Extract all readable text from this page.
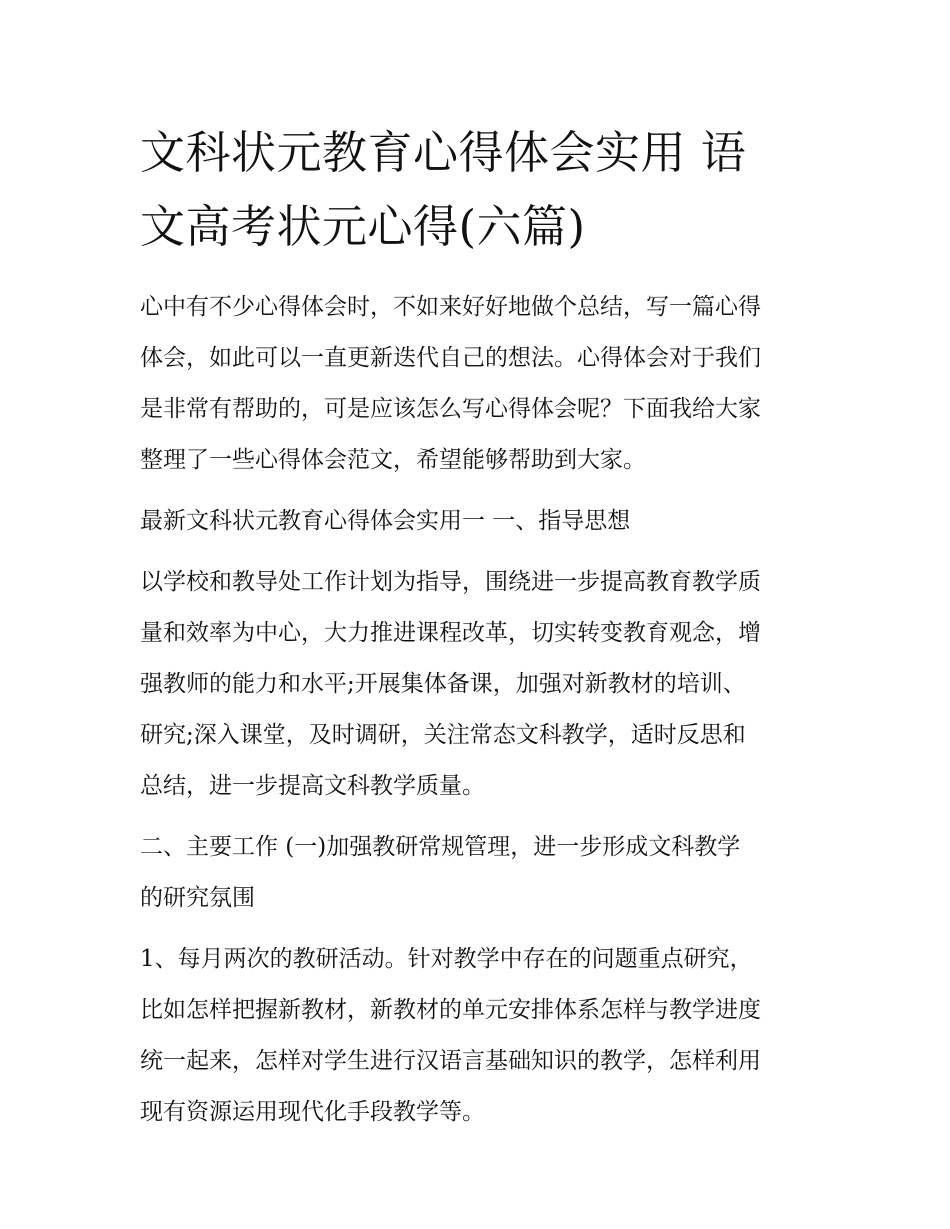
文科状元教育心得体会实用 语
文高考状元心得(六篇)
心中有不少心得体会时，不如来好好地做个总结，写一篇心得
体会，如此可以一直更新迭代自己的想法。心得体会对于我们
是非常有帮助的，可是应该怎么写心得体会呢？下面我给大家
整理了一些心得体会范文，希望能够帮助到大家。
最新文科状元教育心得体会实用一 一、指导思想
以学校和教导处工作计划为指导，围绕进一步提高教育教学质
量和效率为中心，大力推进课程改革，切实转变教育观念，增
强教师的能力和水平;开展集体备课，加强对新教材的培训、
研究;深入课堂，及时调研，关注常态文科教学，适时反思和
总结，进一步提高文科教学质量。
二、主要工作 (一)加强教研常规管理，进一步形成文科教学
的研究氛围
1、每月两次的教研活动。针对教学中存在的问题重点研究，
比如怎样把握新教材，新教材的单元安排体系怎样与教学进度
统一起来，怎样对学生进行汉语言基础知识的教学，怎样利用
现有资源运用现代化手段教学等。
